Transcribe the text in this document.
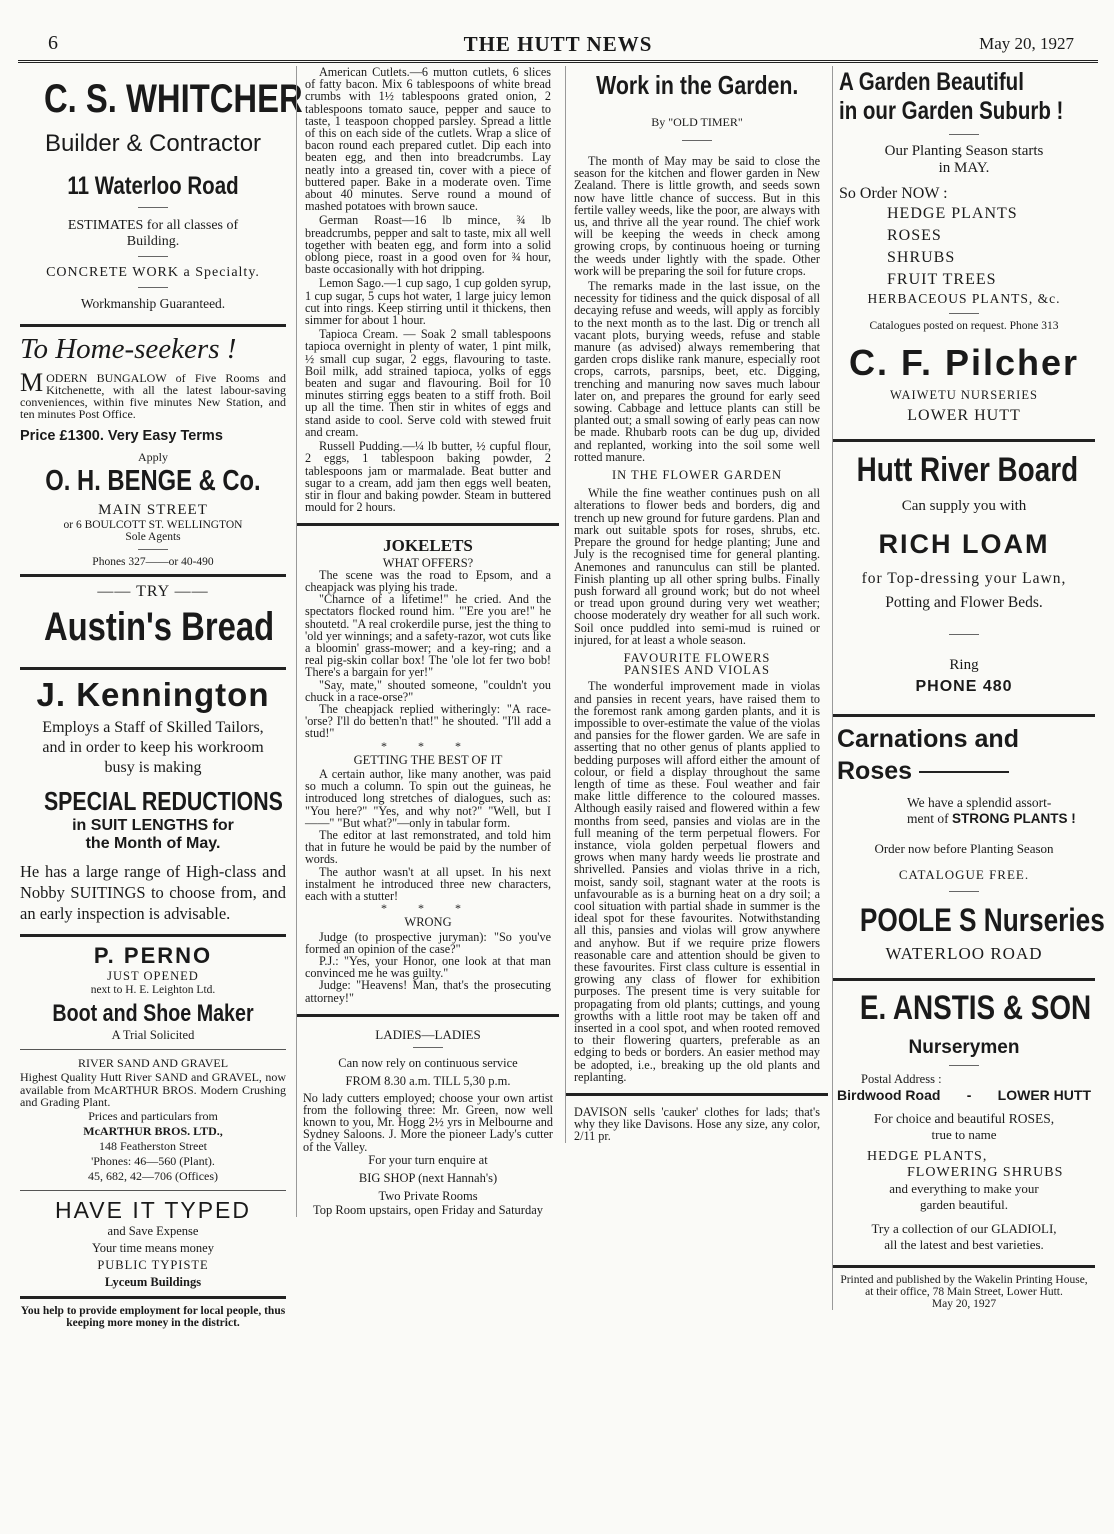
6	THE HUTT NEWS	May 20, 1927
C. S. WHITCHER
Builder & Contractor
11 Waterloo Road
ESTIMATES for all classes of Building.
CONCRETE WORK a Specialty.
Workmanship Guaranteed.
To Home-seekers !
MODERN BUNGALOW of Five Rooms and Kitchenette, with all the latest labour-saving conveniences, within five minutes New Station, and ten minutes Post Office.
Price £1300. Very Easy Terms
Apply
O. H. BENGE & Co.
MAIN STREET
or 6 BOULCOTT ST. WELLINGTON
Sole Agents
Phones 327——or 40-490
—— TRY ——
Austin's Bread
J. Kennington
Employs a Staff of Skilled Tailors, and in order to keep his workroom busy is making
SPECIAL REDUCTIONS
in SUIT LENGTHS for
the Month of May.
He has a large range of High-class and Nobby SUITINGS to choose from, and an early inspection is advisable.
P. PERNO
JUST OPENED
next to H. E. Leighton Ltd.
Boot and Shoe Maker
A Trial Solicited
RIVER SAND AND GRAVEL
Highest Quality Hutt River SAND and GRAVEL, now available from McARTHUR BROS. Modern Crushing and Grading Plant.
Prices and particulars from
McARTHUR BROS. LTD.,
148 Featherston Street
'Phones: 46—560 (Plant).
45, 682, 42—706 (Offices)
HAVE IT TYPED
and Save Expense
Your time means money
PUBLIC TYPISTE
Lyceum Buildings
You help to provide employment for local people, thus keeping more money in the district.

American Cutlets.—6 mutton cutlets, 6 slices of fatty bacon. Mix 6 tablespoons of white bread crumbs with 1½ tablespoons grated onion, 2 tablespoons tomato sauce, pepper and sauce to taste, 1 teaspoon chopped parsley. Spread a little of this on each side of the cutlets. Wrap a slice of bacon round each prepared cutlet. Dip each into beaten egg, and then into breadcrumbs. Lay neatly into a greased tin, cover with a piece of buttered paper. Bake in a moderate oven. Time about 40 minutes. Serve round a mound of mashed potatoes with brown sauce.

German Roast—16 lb mince, ¾ lb breadcrumbs, pepper and salt to taste, mix all well together with beaten egg, and form into a solid oblong piece, roast in a good oven for ¾ hour, baste occasionally with hot dripping.

Lemon Sago.—1 cup sago, 1 cup golden syrup, 1 cup sugar, 5 cups hot water, 1 large juicy lemon cut into rings. Keep stirring until it thickens, then simmer for about 1 hour.

Tapioca Cream. — Soak 2 small tablespoons tapioca overnight in plenty of water, 1 pint milk, ½ small cup sugar, 2 eggs, flavouring to taste. Boil milk, add strained tapioca, yolks of eggs beaten and sugar and flavouring. Boil for 10 minutes stirring eggs beaten to a stiff froth. Boil up all the time. Then stir in whites of eggs and stand aside to cool. Serve cold with stewed fruit and cream.

Russell Pudding.—¼ lb butter, ½ cupful flour, 2 eggs, 1 tablespoon baking powder, 2 tablespoons jam or marmalade. Beat butter and sugar to a cream, add jam then eggs well beaten, stir in flour and baking powder. Steam in buttered mould for 2 hours.

JOKELETS
WHAT OFFERS?

The scene was the road to Epsom, and a cheapjack was plying his trade.

"Charnce of a lifetime!" he cried. And the spectators flocked round him. "'Ere you are!" he shoutetd. "A real crokerdile purse, jest the thing to 'old yer winnings; and a safety-razor, wot cuts like a bloomin' grass-mower; and a key-ring; and a real pig-skin collar box! The 'ole lot fer two bob! There's a bargain for yer!"

"Say, mate," shouted someone, "couldn't you chuck in a race-orse?"

The cheapjack replied witheringly: "A race-'orse? I'll do betten'n that!" he shouted. "I'll add a stud!"

* * *
GETTING THE BEST OF IT

A certain author, like many another, was paid so much a column. To spin out the guineas, he introduced long stretches of dialogues, such as: "You here?" "Yes, and why not?" "Well, but I——" "But what?"—only in tabular form.

The editor at last remonstrated, and told him that in future he would be paid by the number of words.

The author wasn't at all upset. In his next instalment he introduced three new characters, each with a stutter!

* * *
WRONG

Judge (to prospective juryman): "So you've formed an opinion of the case?"

P.J.: "Yes, your Honor, one look at that man convinced me he was guilty."

Judge: "Heavens! Man, that's the prosecuting attorney!"

LADIES—LADIES
Can now rely on continuous service
FROM 8.30 a.m. TILL 5,30 p.m.
No lady cutters employed; choose your own artist from the following three: Mr. Green, now well known to you, Mr. Hogg 2½ yrs in Melbourne and Sydney Saloons. J. More the pioneer Lady's cutter of the Valley.
For your turn enquire at
BIG SHOP (next Hannah's)
Two Private Rooms
Top Room upstairs, open Friday and Saturday
Work in the Garden.
By "OLD TIMER"

The month of May may be said to close the season for the kitchen and flower garden in New Zealand. There is little growth, and seeds sown now have little chance of success. But in this fertile valley weeds, like the poor, are always with us, and thrive all the year round. The chief work will be keeping the weeds in check among growing crops, by continuous hoeing or turning the weeds under lightly with the spade. Other work will be preparing the soil for future crops.

The remarks made in the last issue, on the necessity for tidiness and the quick disposal of all decaying refuse and weeds, will apply as forcibly to the next month as to the last. Dig or trench all vacant plots, burying weeds, refuse and stable manure (as advised) always remembering that garden crops dislike rank manure, especially root crops, carrots, parsnips, beet, etc. Digging, trenching and manuring now saves much labour later on, and prepares the ground for early seed sowing. Cabbage and lettuce plants can still be planted out; a small sowing of early peas can now be made. Rhubarb roots can be dug up, divided and replanted, working into the soil some well rotted manure.

IN THE FLOWER GARDEN

While the fine weather continues push on all alterations to flower beds and borders, dig and trench up new ground for future gardens. Plan and mark out suitable spots for roses, shrubs, etc. Prepare the ground for hedge planting; June and July is the recognised time for general planting. Anemones and ranunculus can still be planted. Finish planting up all other spring bulbs. Finally push forward all ground work; but do not wheel or tread upon ground during very wet weather; choose moderately dry weather for all such work. Soil once puddled into semi-mud is ruined or injured, for at least a whole season.

FAVOURITE FLOWERS
PANSIES AND VIOLAS

The wonderful improvement made in violas and pansies in recent years, have raised them to the foremost rank among garden plants, and it is impossible to over-estimate the value of the violas and pansies for the flower garden. We are safe in asserting that no other genus of plants applied to bedding purposes will afford either the amount of colour, or field a display throughout the same length of time as these. Foul weather and fair make little difference to the coloured masses. Although easily raised and flowered within a few months from seed, pansies and violas are in the full meaning of the term perpetual flowers. For instance, viola golden perpetual flowers and grows when many hardy weeds lie prostrate and shrivelled. Pansies and violas thrive in a rich, moist, sandy soil, stagnant water at the roots is unfavourable as is a burning heat on a dry soil; a cool situation with partial shade in summer is the ideal spot for these favourites. Notwithstanding all this, pansies and violas will grow anywhere and anyhow. But if we require prize flowers reasonable care and attention should be given to these favourites. First class culture is essential in growing any class of flower for exhibition purposes. The present time is very suitable for propagating from old plants; cuttings, and young growths with a little root may be taken off and inserted in a cool spot, and when rooted removed to their flowering quarters, preferable as an edging to beds or borders. An easier method may be adopted, i.e., breaking up the old plants and replanting.

DAVISON sells 'cauker' clothes for lads; that's why they like Davisons. Hose any size, any color, 2/11 pr.

A Garden Beautiful
in our Garden Suburb !
Our Planting Season starts
in MAY.
So Order NOW :
HEDGE PLANTS
ROSES
SHRUBS
FRUIT TREES
HERBACEOUS PLANTS, &c.
Catalogues posted on request. Phone 313
C. F. Pilcher
WAIWETU NURSERIES
LOWER HUTT
Hutt River Board
Can supply you with
RICH LOAM
for Top-dressing your Lawn,
Potting and Flower Beds.
Ring
PHONE 480
Carnations and
Roses
We have a splendid assort-
ment of STRONG PLANTS !
Order now before Planting Season
CATALOGUE FREE.
POOLE S Nurseries
WATERLOO ROAD
E. ANSTIS & SON
Nurserymen
Postal Address :
Birdwood Road - LOWER HUTT
For choice and beautiful ROSES,
true to name
HEDGE PLANTS,
FLOWERING SHRUBS
and everything to make your
garden beautiful.
Try a collection of our GLADIOLI,
all the latest and best varieties.
Printed and published by the Wakelin Printing House, at their office, 78 Main Street, Lower Hutt.
May 20, 1927
